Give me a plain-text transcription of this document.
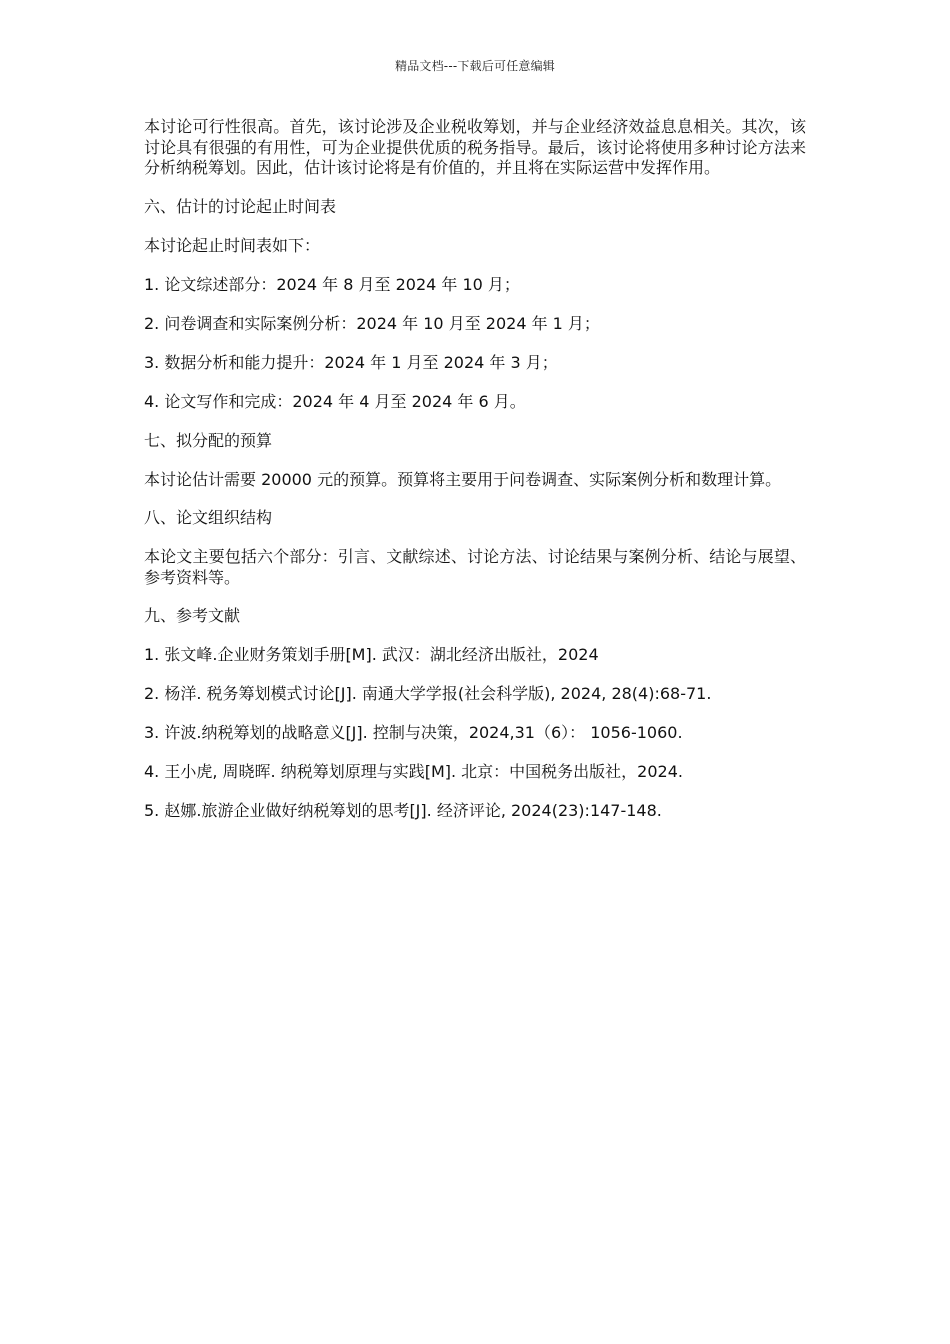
精品文档---下载后可任意编辑

本讨论可行性很高。首先，该讨论涉及企业税收筹划，并与企业经济效益息息相关。其次，该讨论具有很强的有用性，可为企业提供优质的税务指导。最后，该讨论将使用多种讨论方法来分析纳税筹划。因此，估计该讨论将是有价值的，并且将在实际运营中发挥作用。

六、估计的讨论起止时间表
本讨论起止时间表如下：
1. 论文综述部分：2024 年 8 月至 2024 年 10 月；
2. 问卷调查和实际案例分析：2024 年 10 月至 2024 年 1 月；
3. 数据分析和能力提升：2024 年 1 月至 2024 年 3 月；
4. 论文写作和完成：2024 年 4 月至 2024 年 6 月。
七、拟分配的预算

本讨论估计需要 20000 元的预算。预算将主要用于问卷调查、实际案例分析和数理计算。

八、论文组织结构

本论文主要包括六个部分：引言、文献综述、讨论方法、讨论结果与案例分析、结论与展望、参考资料等。

九、参考文献
1. 张文峰.企业财务策划手册[M]. 武汉：湖北经济出版社，2024
2. 杨洋. 税务筹划模式讨论[J]. 南通大学学报(社会科学版), 2024, 28(4):68-71.
3. 许波.纳税筹划的战略意义[J]. 控制与决策，2024,31（6）： 1056-1060.
4. 王小虎, 周晓晖. 纳税筹划原理与实践[M]. 北京：中国税务出版社，2024.
5. 赵娜.旅游企业做好纳税筹划的思考[J]. 经济评论, 2024(23):147-148.
